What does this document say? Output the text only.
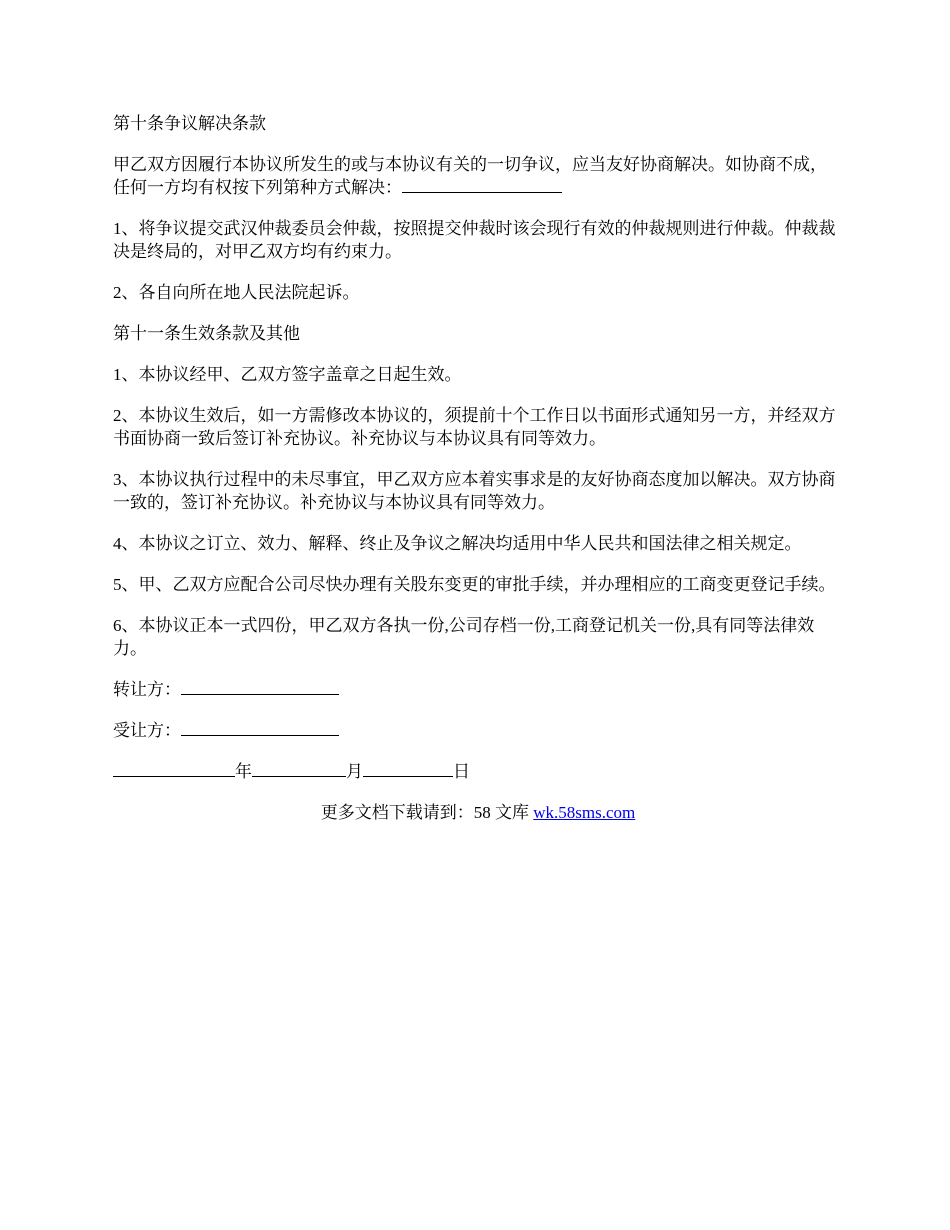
第十条争议解决条款

甲乙双方因履行本协议所发生的或与本协议有关的一切争议，应当友好协商解决。如协商不成，任何一方均有权按下列第种方式解决：

1、将争议提交武汉仲裁委员会仲裁，按照提交仲裁时该会现行有效的仲裁规则进行仲裁。仲裁裁决是终局的，对甲乙双方均有约束力。

2、各自向所在地人民法院起诉。

第十一条生效条款及其他

1、本协议经甲、乙双方签字盖章之日起生效。

2、本协议生效后，如一方需修改本协议的，须提前十个工作日以书面形式通知另一方，并经双方书面协商一致后签订补充协议。补充协议与本协议具有同等效力。

3、本协议执行过程中的未尽事宜，甲乙双方应本着实事求是的友好协商态度加以解决。双方协商一致的，签订补充协议。补充协议与本协议具有同等效力。

4、本协议之订立、效力、解释、终止及争议之解决均适用中华人民共和国法律之相关规定。

5、甲、乙双方应配合公司尽快办理有关股东变更的审批手续，并办理相应的工商变更登记手续。

6、本协议正本一式四份，甲乙双方各执一份,公司存档一份,工商登记机关一份,具有同等法律效力。

转让方：

受让方：

年	月	日

更多文档下载请到：58 文库 wk.58sms.com
